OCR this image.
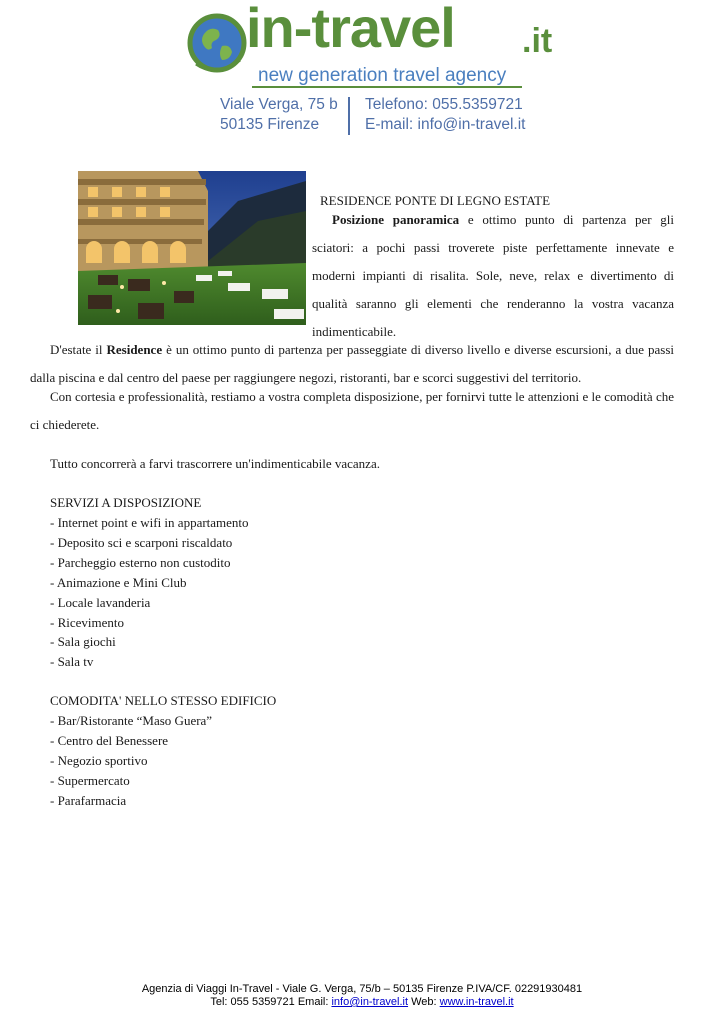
in-travel .it
new generation travel agency
Viale Verga, 75 b
50135 Firenze
Telefono: 055.5359721
E-mail: info@in-travel.it
RESIDENCE PONTE DI LEGNO ESTATE
Posizione panoramica e ottimo punto di partenza per gli sciatori: a pochi passi troverete piste perfettamente innevate e moderni impianti di risalita. Sole, neve, relax e divertimento di qualità saranno gli elementi che renderanno la vostra vacanza indimenticabile.
D'estate il Residence è un ottimo punto di partenza per passeggiate di diverso livello e diverse escursioni, a due passi dalla piscina e dal centro del paese per raggiungere negozi, ristoranti, bar e scorci suggestivi del territorio.
Con cortesia e professionalità, restiamo a vostra completa disposizione, per fornirvi tutte le attenzioni e le comodità che ci chiederete.
Tutto concorrerà a farvi trascorrere un'indimenticabile vacanza.
SERVIZI A DISPOSIZIONE
- Internet point e wifi in appartamento
- Deposito sci e scarponi riscaldato
- Parcheggio esterno non custodito
- Animazione e Mini Club
- Locale lavanderia
- Ricevimento
- Sala giochi
- Sala tv
COMODITA' NELLO STESSO EDIFICIO
- Bar/Ristorante “Maso Guera”
- Centro del Benessere
- Negozio sportivo
- Supermercato
- Parafarmacia
Agenzia di Viaggi In-Travel - Viale G. Verga, 75/b – 50135 Firenze P.IVA/CF. 02291930481
Tel: 055 5359721 Email: info@in-travel.it Web: www.in-travel.it
